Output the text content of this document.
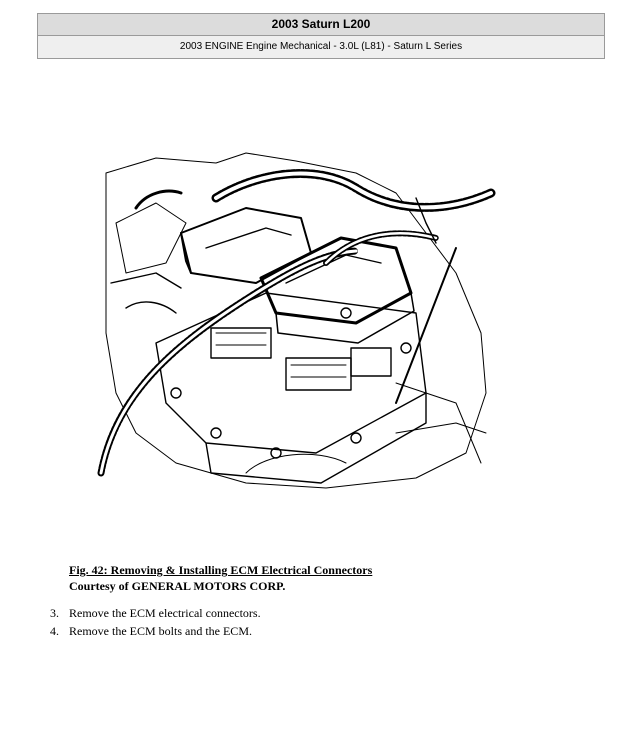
2003 Saturn L200
2003 ENGINE Engine Mechanical - 3.0L (L81) - Saturn L Series
Fig. 42: Removing & Installing ECM Electrical Connectors
Courtesy of GENERAL MOTORS CORP.
3. Remove the ECM electrical connectors.
4. Remove the ECM bolts and the ECM.
